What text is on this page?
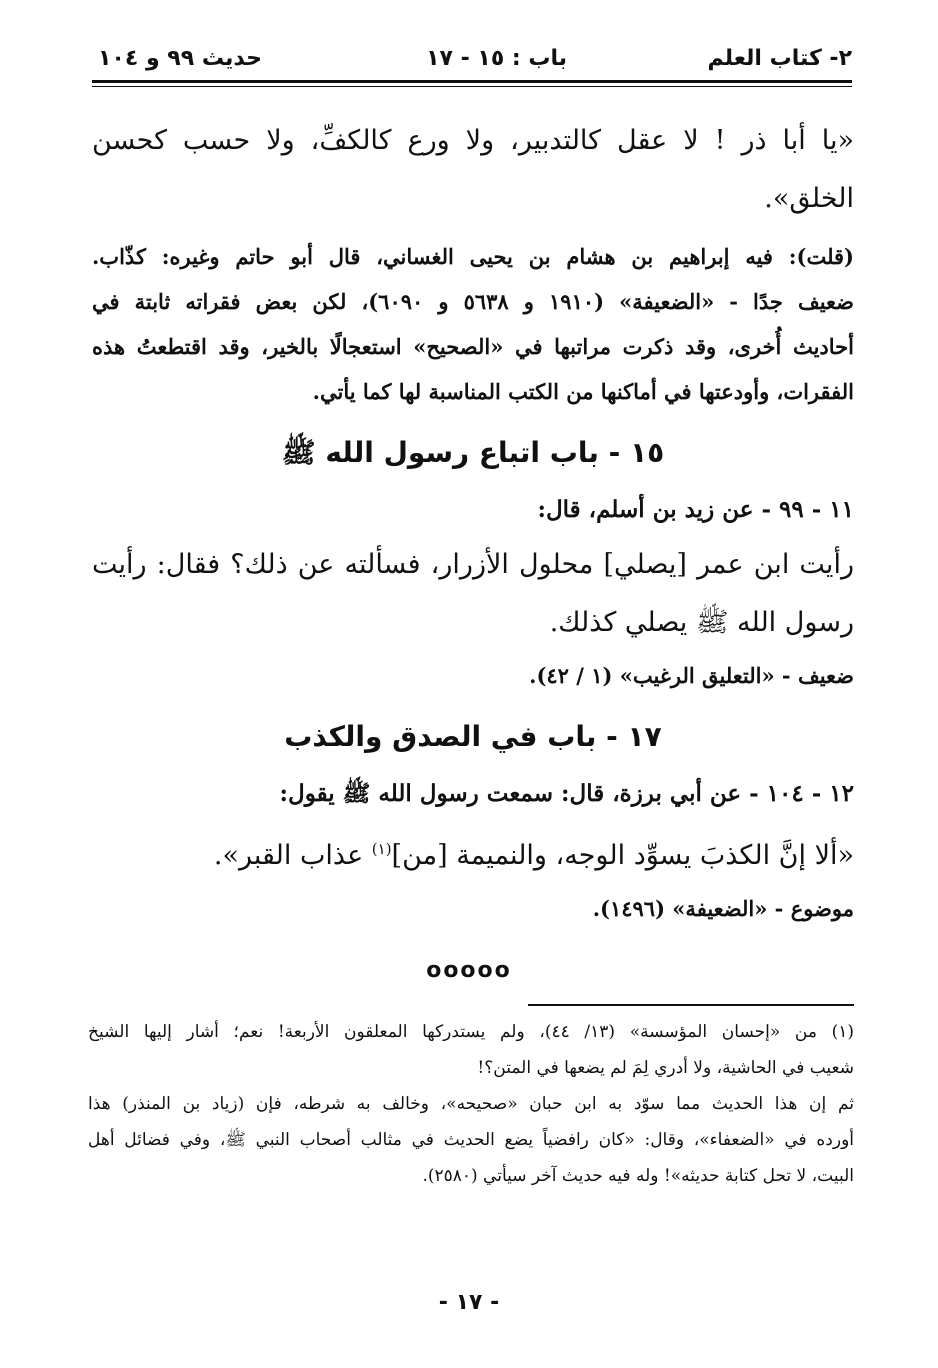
٢- كتاب العلم
باب : ١٥ - ١٧
حديث ٩٩ و ١٠٤
«يا أبا ذر ! لا عقل كالتدبير، ولا ورع كالكفِّ، ولا حسب كحسن
الخلق».
(قلت): فيه إبراهيم بن هشام بن يحيى الغساني، قال أبو حاتم وغيره: كذّاب.
ضعيف جدًا - «الضعيفة» (١٩١٠ و ٥٦٣٨ و ٦٠٩٠)، لكن بعض فقراته ثابتة في
أحاديث أُخرى، وقد ذكرت مراتبها في «الصحيح» استعجالًا بالخير، وقد اقتطعتُ هذه
الفقرات، وأودعتها في أماكنها من الكتب المناسبة لها كما يأتي.
١٥ - باب اتباع رسول الله ﷺ
١١ - ٩٩ - عن زيد بن أسلم، قال:
رأيت ابن عمر [يصلي] محلول الأزرار، فسألته عن ذلك؟ فقال: رأيت
رسول الله ﷺ يصلي كذلك.
ضعيف - «التعليق الرغيب» (١ / ٤٢).
١٧ - باب في الصدق والكذب
١٢ - ١٠٤ - عن أبي برزة، قال: سمعت رسول الله ﷺ يقول:
«ألا إنَّ الكذبَ يسوِّد الوجه، والنميمة [من]$^{(١)}$ عذاب القبر».
موضوع - «الضعيفة» (١٤٩٦).
ooooo
(١) من «إحسان المؤسسة» (١٣/ ٤٤)، ولم يستدركها المعلقون الأربعة! نعم؛ أشار إليها الشيخ
شعيب في الحاشية، ولا أدري لِمَ لم يضعها في المتن؟!
ثم إن هذا الحديث مما سوّد به ابن حبان «صحيحه»، وخالف به شرطه، فإن (زياد بن المنذر) هذا
أورده في «الضعفاء»، وقال: «كان رافضياً يضع الحديث في مثالب أصحاب النبي ﷺ، وفي فضائل أهل
البيت، لا تحل كتابة حديثه»! وله فيه حديث آخر سيأتي (٢٥٨٠).
- ١٧ -
